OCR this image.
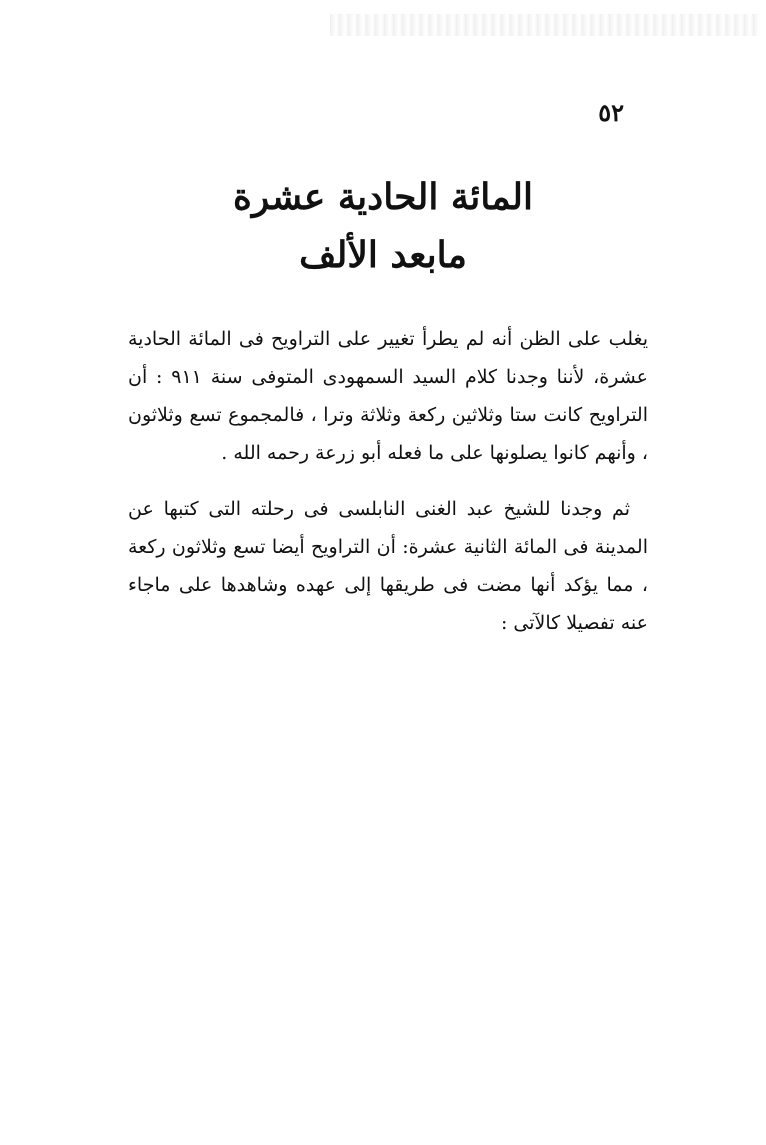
٥٢
المائة الحادية عشرة
مابعد الألف

يغلب على الظن أنه لم يطرأ تغيير على التراويح فى المائة الحادية عشرة، لأننا وجدنا كلام السيد السمهودى المتوفى سنة ٩١١ : أن التراويح كانت ستا وثلاثين ركعة وثلاثة وترا ، فالمجموع تسع وثلاثون ، وأنهم كانوا يصلونها على ما فعله أبو زرعة رحمه الله .

ثم وجدنا للشيخ عبد الغنى النابلسى فى رحلته التى كتبها عن المدينة فى المائة الثانية عشرة: أن التراويح أيضا تسع وثلاثون ركعة ، مما يؤكد أنها مضت فى طريقها إلى عهده وشاهدها على ماجاء عنه تفصيلا كالآتى :
